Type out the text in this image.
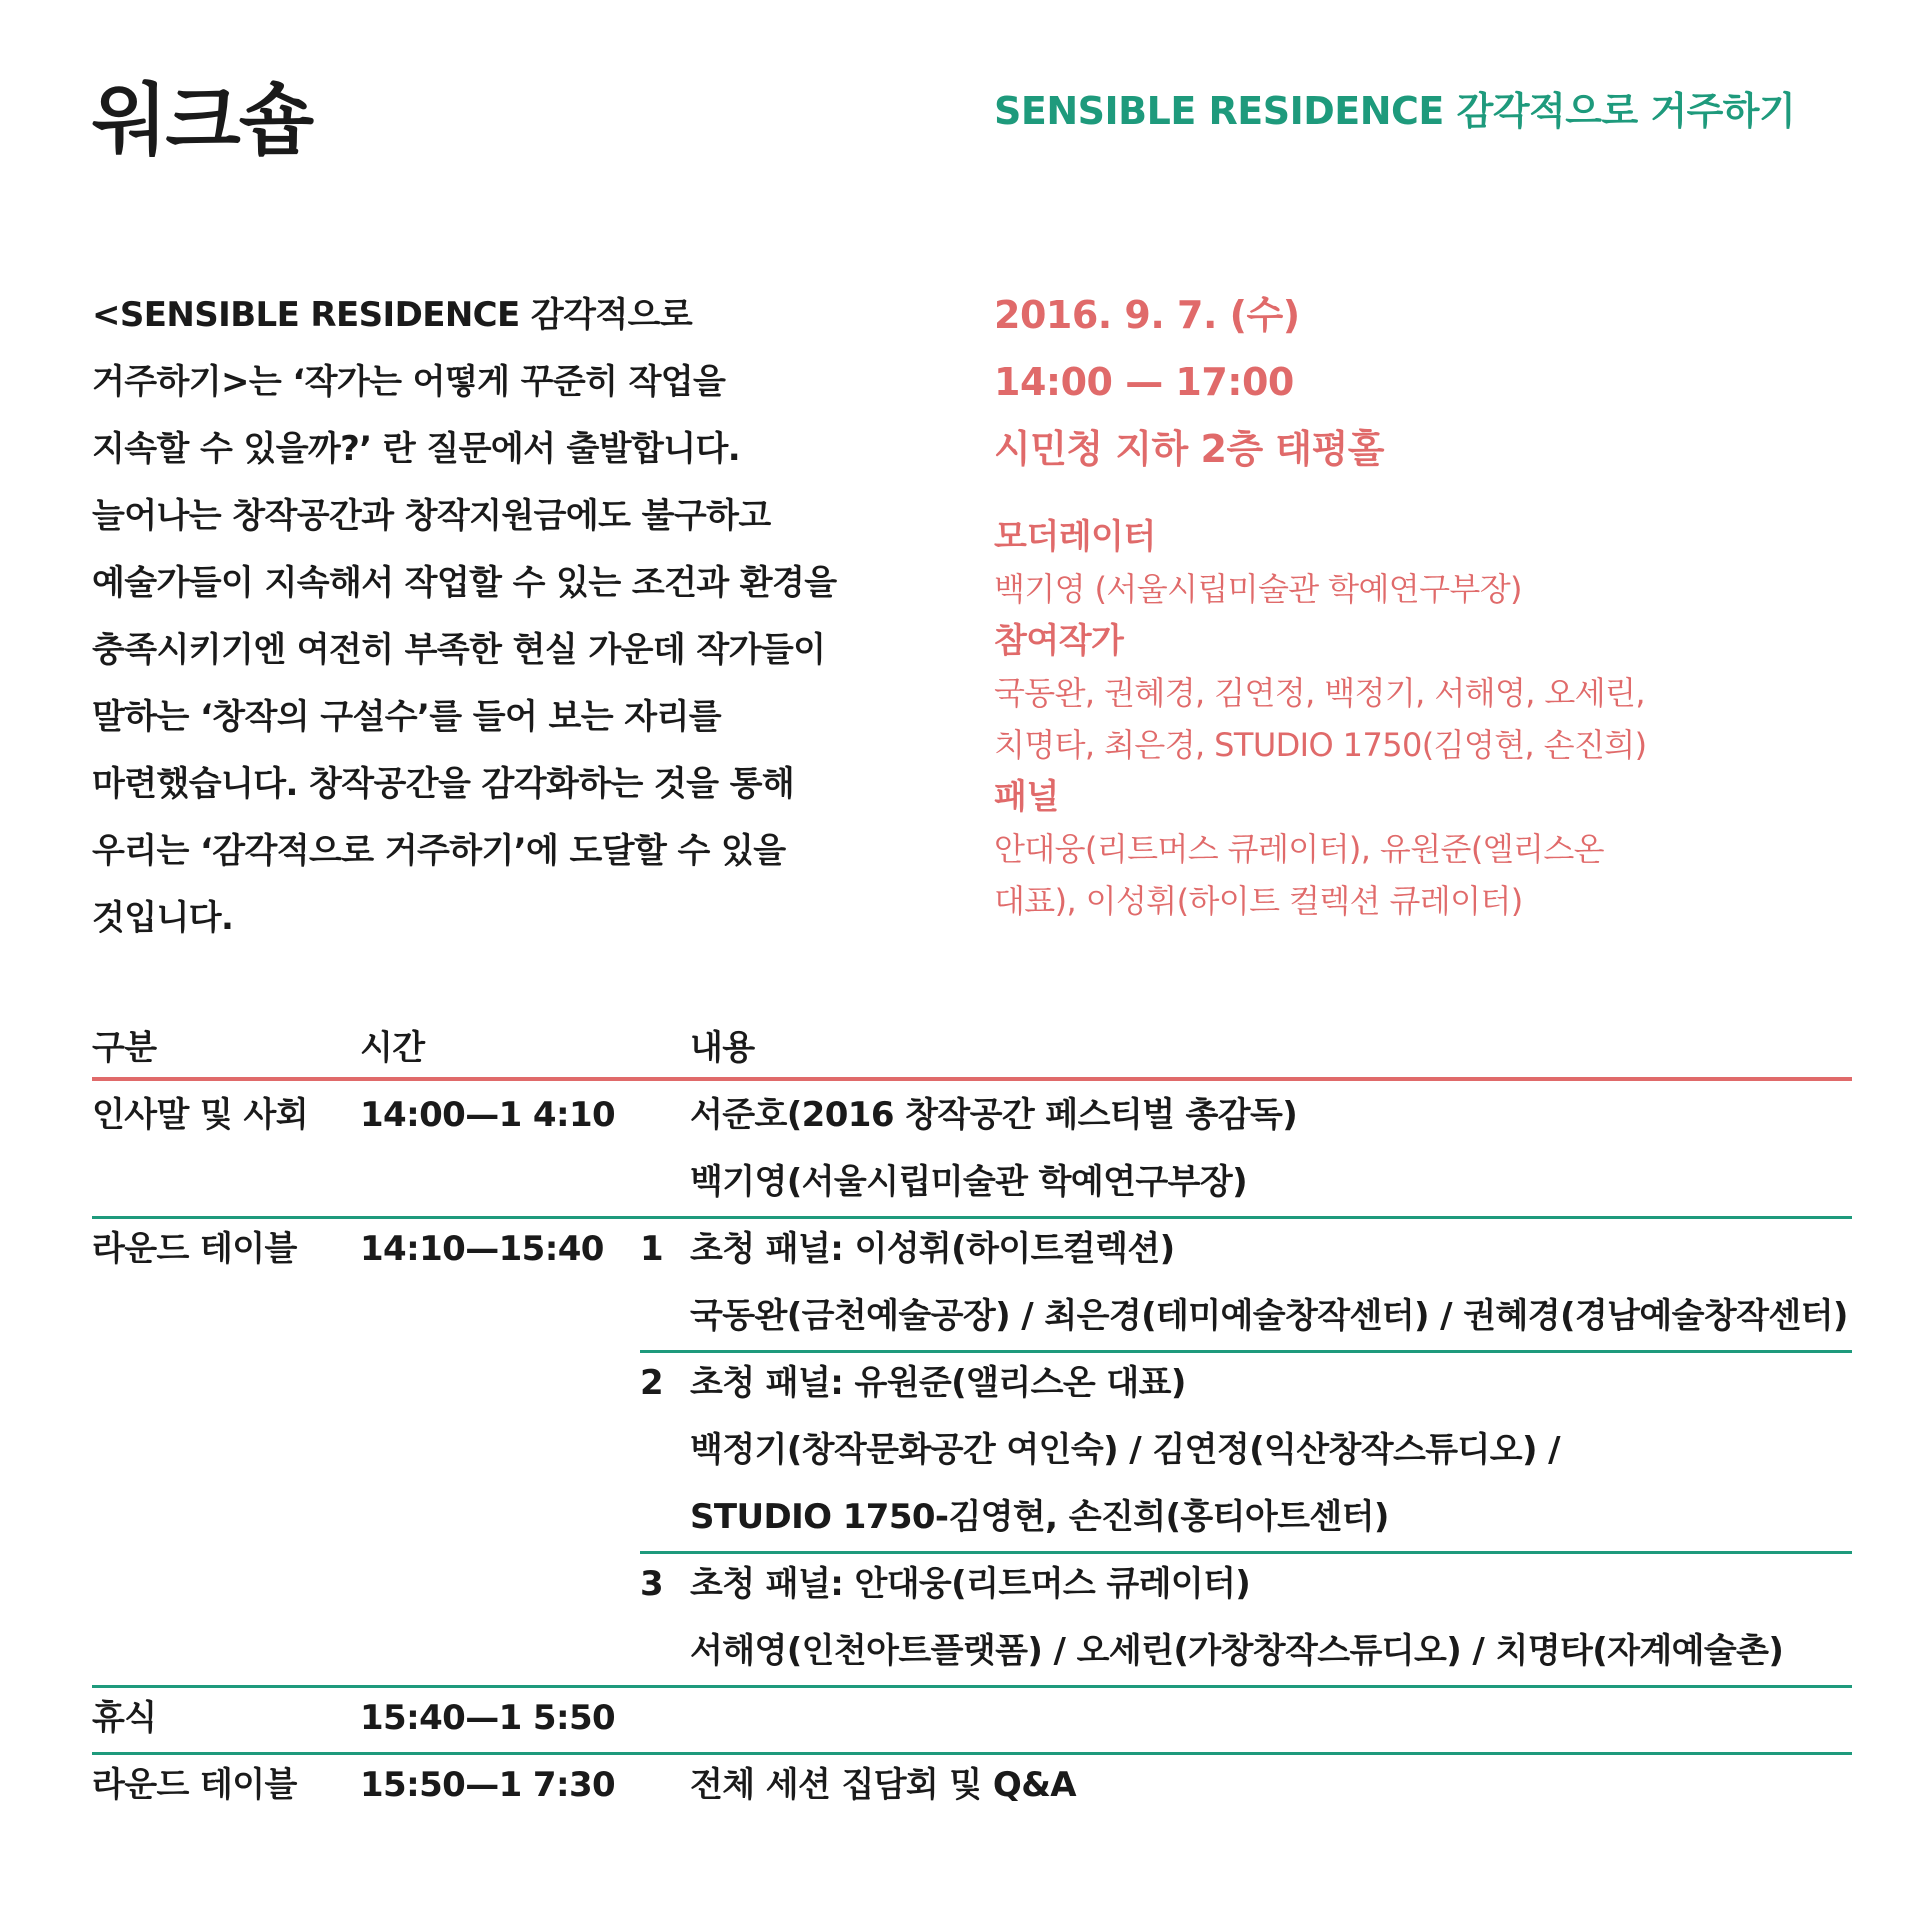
워크숍	SENSIBLE RESIDENCE 감각적으로 거주하기
<SENSIBLE RESIDENCE 감각적으로
거주하기>는 ‘작가는 어떻게 꾸준히 작업을
지속할 수 있을까?’ 란 질문에서 출발합니다.
늘어나는 창작공간과 창작지원금에도 불구하고
예술가들이 지속해서 작업할 수 있는 조건과 환경을
충족시키기엔 여전히 부족한 현실 가운데 작가들이
말하는 ‘창작의 구설수’를 들어 보는 자리를
마련했습니다. 창작공간을 감각화하는 것을 통해
우리는 ‘감각적으로 거주하기’에 도달할 수 있을
것입니다.
2016. 9. 7. (수)
14:00 — 17:00
시민청 지하 2층 태평홀
모더레이터
백기영 (서울시립미술관 학예연구부장)
참여작가
국동완, 권혜경, 김연정, 백정기, 서해영, 오세린,
치명타, 최은경, STUDIO 1750(김영현, 손진희)
패널
안대웅(리트머스 큐레이터), 유원준(엘리스온
대표), 이성휘(하이트 컬렉션 큐레이터)
구분	시간	내용
인사말 및 사회 14:00—1 4:10 서준호(2016 창작공간 페스티벌 총감독)
백기영(서울시립미술관 학예연구부장)
라운드 테이블 14:10—15:40 1 초청 패널: 이성휘(하이트컬렉션)
국동완(금천예술공장) / 최은경(테미예술창작센터) / 권혜경(경남예술창작센터)
2 초청 패널: 유원준(앨리스온 대표)
백정기(창작문화공간 여인숙) / 김연정(익산창작스튜디오) /
STUDIO 1750-김영현, 손진희(홍티아트센터)
3 초청 패널: 안대웅(리트머스 큐레이터)
서해영(인천아트플랫폼) / 오세린(가창창작스튜디오) / 치명타(자계예술촌)
휴식	15:40—1 5:50
라운드 테이블 15:50—1 7:30 전체 세션 집담회 및 Q&A
